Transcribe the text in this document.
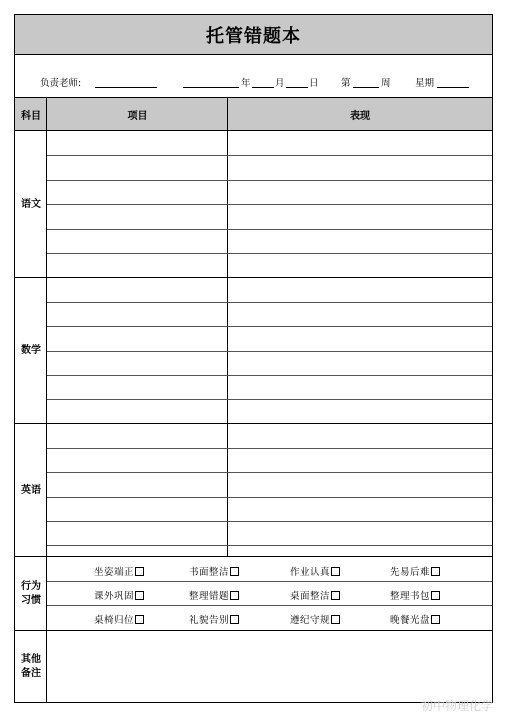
托管错题本
负责老师:	年	月	日 第	周	星期
科目	项目	表现
语文
数学
英语
行为
习惯
坐姿端正	书面整洁	作业认真	先易后难
课外巩固	整理错题	桌面整洁	整理书包
桌椅归位	礼貌告别	遵纪守规	晚餐光盘
其他
备注
初中物理化学
